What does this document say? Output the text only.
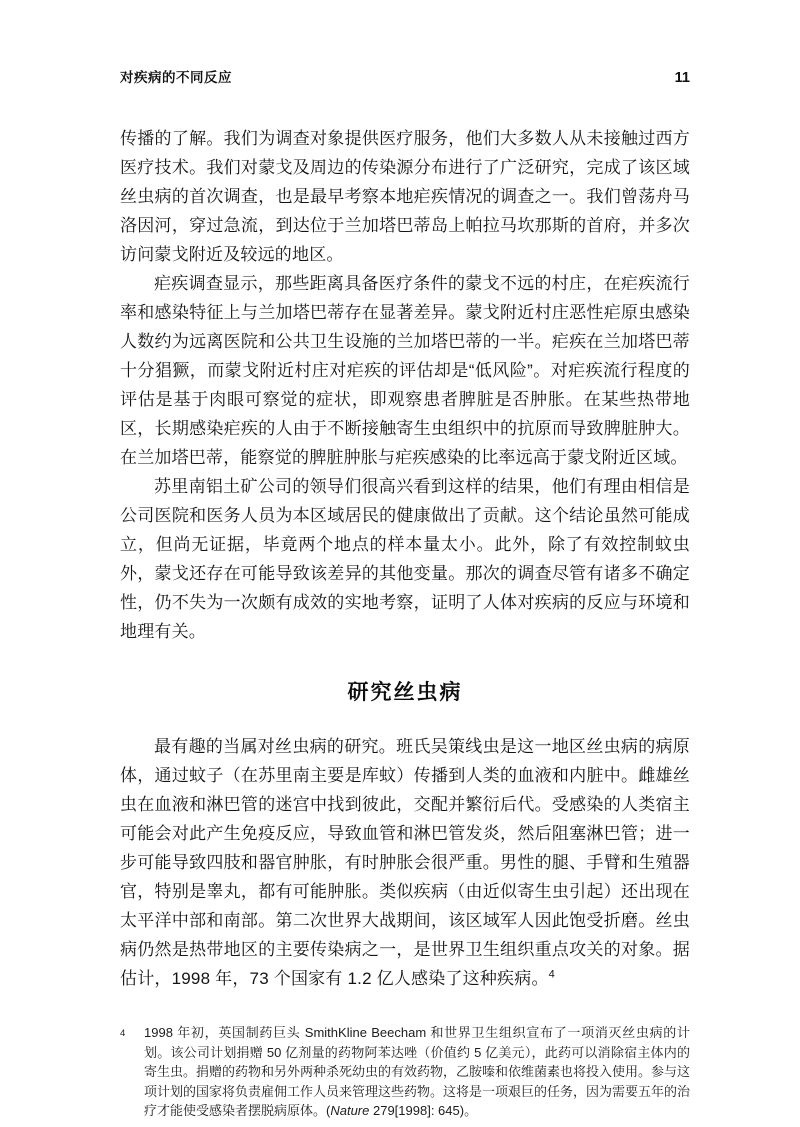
对疾病的不同反应	11

传播的了解。我们为调查对象提供医疗服务，他们大多数人从未接触过西方医疗技术。我们对蒙戈及周边的传染源分布进行了广泛研究，完成了该区域丝虫病的首次调查，也是最早考察本地疟疾情况的调查之一。我们曾荡舟马洛因河，穿过急流，到达位于兰加塔巴蒂岛上帕拉马坎那斯的首府，并多次访问蒙戈附近及较远的地区。

疟疾调查显示，那些距离具备医疗条件的蒙戈不远的村庄，在疟疾流行率和感染特征上与兰加塔巴蒂存在显著差异。蒙戈附近村庄恶性疟原虫感染人数约为远离医院和公共卫生设施的兰加塔巴蒂的一半。疟疾在兰加塔巴蒂十分猖獗，而蒙戈附近村庄对疟疾的评估却是“低风险”。对疟疾流行程度的评估是基于肉眼可察觉的症状，即观察患者脾脏是否肿胀。在某些热带地区，长期感染疟疾的人由于不断接触寄生虫组织中的抗原而导致脾脏肿大。在兰加塔巴蒂，能察觉的脾脏肿胀与疟疾感染的比率远高于蒙戈附近区域。

苏里南铝土矿公司的领导们很高兴看到这样的结果，他们有理由相信是公司医院和医务人员为本区域居民的健康做出了贡献。这个结论虽然可能成立，但尚无证据，毕竟两个地点的样本量太小。此外，除了有效控制蚊虫外，蒙戈还存在可能导致该差异的其他变量。那次的调查尽管有诸多不确定性，仍不失为一次颇有成效的实地考察，证明了人体对疾病的反应与环境和地理有关。

研究丝虫病

最有趣的当属对丝虫病的研究。班氏吴策线虫是这一地区丝虫病的病原体，通过蚊子（在苏里南主要是库蚊）传播到人类的血液和内脏中。雌雄丝虫在血液和淋巴管的迷宫中找到彼此，交配并繁衍后代。受感染的人类宿主可能会对此产生免疫反应，导致血管和淋巴管发炎，然后阻塞淋巴管；进一步可能导致四肢和器官肿胀，有时肿胀会很严重。男性的腿、手臂和生殖器官，特别是睾丸，都有可能肿胀。类似疾病（由近似寄生虫引起）还出现在太平洋中部和南部。第二次世界大战期间，该区域军人因此饱受折磨。丝虫病仍然是热带地区的主要传染病之一，是世界卫生组织重点攻关的对象。据估计，1998 年，73 个国家有 1.2 亿人感染了这种疾病。$^4$

4	1998 年初，英国制药巨头 SmithKline Beecham 和世界卫生组织宣布了一项消灭丝虫病的计划。该公司计划捐赠 50 亿剂量的药物阿苯达唑（价值约 5 亿美元），此药可以消除宿主体内的寄生虫。捐赠的药物和另外两种杀死幼虫的有效药物，乙胺嗪和依维菌素也将投入使用。参与这项计划的国家将负责雇佣工作人员来管理这些药物。这将是一项艰巨的任务，因为需要五年的治疗才能使受感染者摆脱病原体。(Nature 279[1998]: 645)。
